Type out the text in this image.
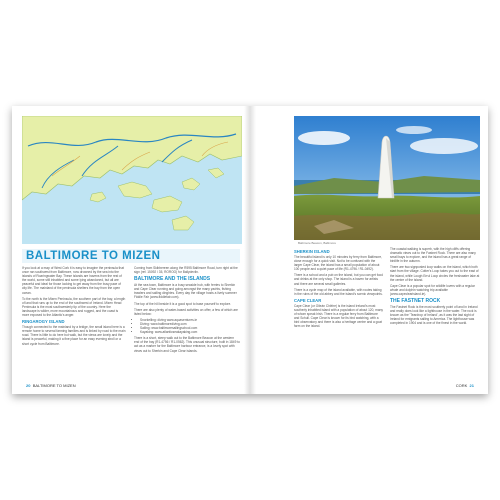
BALTIMORE TO MIZEN

If you look at a map of West Cork it is easy to imagine the peninsula that once ran southwest from Baltimore, now drowned by the sea into the islands of Roaringwater Bay. These islands are havens from the rest of the world, some still inhabited and some lying abandoned, but all are peaceful and ideal for those looking to get away from the busy pace of city life. The mainland of the peninsula shelters the bay from the open ocean.

To the north is the Mizen Peninsula, the southern part of the bay, a length of land that runs up to the end of the southwest of Ireland. Mizen Head Peninsula is the most southwesterly tip of the country. Here the landscape is wilder, more mountainous and rugged, and the coast is more exposed to the Atlantic's anger.

RINGAROGY ISLAND

Though connected to the mainland by a bridge, the small island here is a remote home to several farming families and is linked by road to the main road. There is little to do here but walk, but the views are lovely and the island is peaceful, making it a fine place for an easy evening stroll or a short cycle from Baltimore.

Coming from Skibbereen along the R595 Baltimore Road, turn right at the sign (ref. 15092 / 35, ROROO) for Ballydevlin.

BALTIMORE AND THE ISLANDS

At the sea town, Baltimore is a busy seaside hub, with ferries to Sherkin and Cape Clear running and going amongst the many yachts, fishing trawlers and sailing dinghies. Every day the village hosts a lively summer Fiddle Fair (www.fiddlefair.com).

The top of the hill beside it is a good spot to base yourself to explore.

There are also plenty of water-based activities on offer, a few of which are listed below:

• Snorkelling: diving www.aquaventures.ie
• Diving: www.baltimorediving.com
• Sailing: www.baltimoresailingschool.com
• Kayaking: www.atlanticseakayaking.com

There is a short, steep walk out to the Baltimore Beacon at the western end of the bay (R1-4756 / R1-0562). This unusual structure, built in 1849 to act as a marker for the Baltimore harbour entrance, is a lovely spot with views out to Sherkin and Cape Clear islands.

20 BALTIMORE TO MIZEN
Baltimore Beacon, Baltimore
SHERKIN ISLAND

The beautiful island is only 10 minutes by ferry from Baltimore, close enough for a quick visit. Not to be confused with the larger Cape Clear, the island has a small population of about 100 people and a quiet pace of life (R1-4796 / R1-0492).

There is a school and a pub on the island, but you can get food and drinks at the only shop. The island is a haven for artists and there are several small galleries.

There is a cycle map of the island available, with routes taking in the ruins of the old abbey and the island's scenic viewpoints.

CAPE CLEAR

Cape Clear (or Oileán Chléire) is the island Ireland's most southerly inhabited island with a population of about 120, many of whom speak Irish. There is a regular ferry from Baltimore and Schull. Cape Clear is known for its bird watching, with a bird observatory and there is also a heritage centre and a goat farm on the island.

The coastal walking is superb, with the high cliffs offering dramatic views out to the Fastnet Rock. There are also many small bays to explore, and the island has a great range of birdlife in the autumn.

There are two signposted loop walks on the island, which both start from the village. Cotter's Loop takes you out to the east of the island, while Lough Errul Loop circles the freshwater lake at the centre of the island.

Cape Clear is a popular spot for wildlife lovers with a regular whale and dolphin watching trip available (www.capeclearisland.ie).

THE FASTNET ROCK

The Fastnet Rock is the most southerly point of land in Ireland and really does look like a lighthouse in the water. The rock is known as the 'Teardrop of Ireland', as it was the last sight of Ireland for emigrants sailing to America. The lighthouse was completed in 1904 and is one of the finest in the world.

CORK 21
